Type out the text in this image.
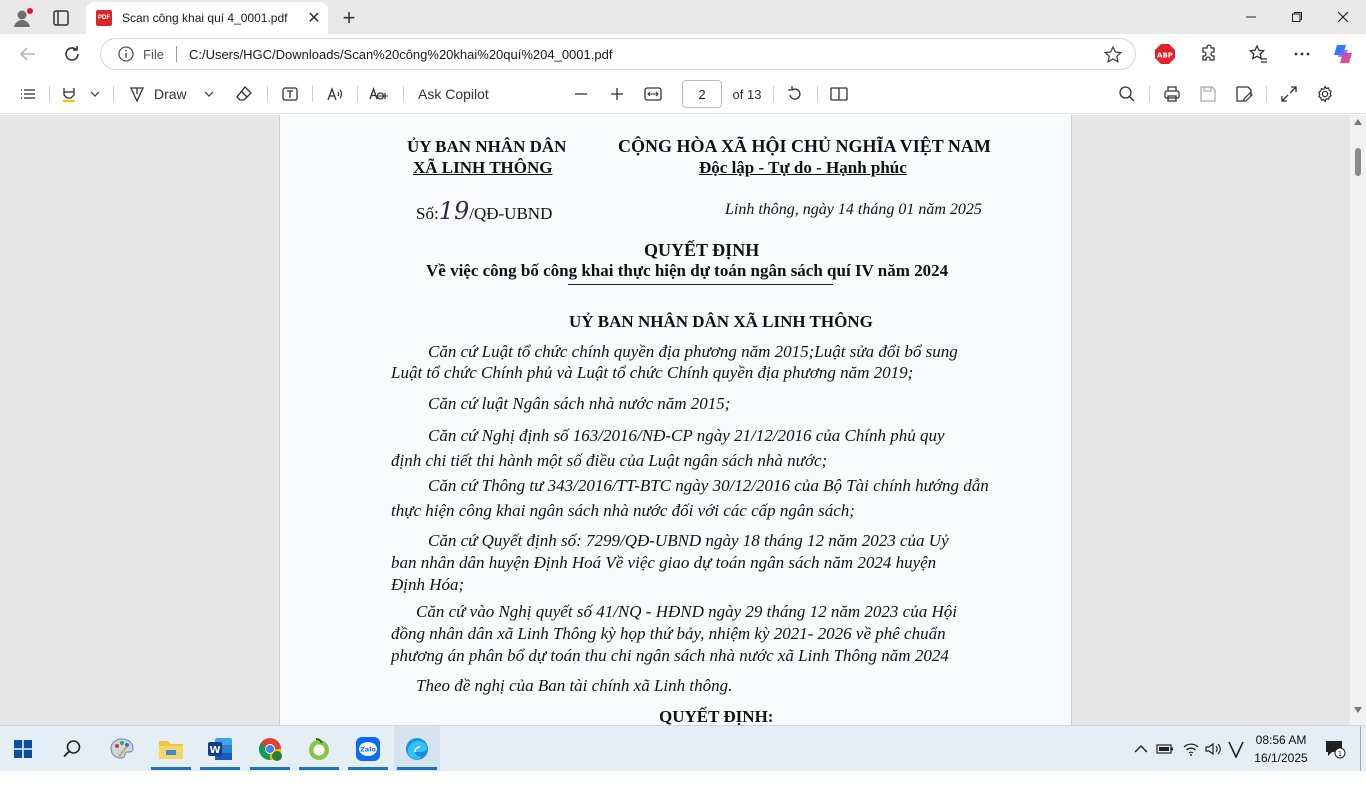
PDF Scan công khai quí 4_0001.pdf	✕ +
File C:/Users/HGC/Downloads/Scan%20công%20khai%20quí%204_0001.pdf	ABP
Draw	Ask Copilot	2	of 13
ỦY BAN NHÂN DÂN
XÃ LINH THÔNG
CỘNG HÒA XÃ HỘI CHỦ NGHĨA VIỆT NAM
Độc lập - Tự do - Hạnh phúc
Số:19/QĐ-UBND	Linh thông, ngày 14 tháng 01 năm 2025
QUYẾT ĐỊNH
Về việc công bố công khai thực hiện dự toán ngân sách quí IV năm 2024
UỶ BAN NHÂN DÂN XÃ LINH THÔNG
Căn cứ Luật tổ chức chính quyền địa phương năm 2015;Luật sửa đổi bổ sung
Luật tổ chức Chính phủ và Luật tổ chức Chính quyền địa phương năm 2019;
Căn cứ luật Ngân sách nhà nước năm 2015;
Căn cứ Nghị định số 163/2016/NĐ-CP ngày 21/12/2016 của Chính phủ quy
định chi tiết thi hành một số điều của Luật ngân sách nhà nước;
Căn cứ Thông tư 343/2016/TT-BTC ngày 30/12/2016 của Bộ Tài chính hướng dẫn
thực hiện công khai ngân sách nhà nước đối với các cấp ngân sách;
Căn cứ Quyết định số: 7299/QĐ-UBND ngày 18 tháng 12 năm 2023 của Uỷ
ban nhân dân huyện Định Hoá Về việc giao dự toán ngân sách năm 2024 huyện
Định Hóa;
Căn cứ vào Nghị quyết số 41/NQ - HĐND ngày 29 tháng 12 năm 2023 của Hội
đồng nhân dân xã Linh Thông kỳ họp thứ bảy, nhiệm kỳ 2021- 2026 về phê chuẩn
phương án phân bổ dự toán thu chi ngân sách nhà nước xã Linh Thông năm 2024
Theo đề nghị của Ban tài chính xã Linh thông.
QUYẾT ĐỊNH:
W	Zalo
08:56 AM
16/1/2025	1
